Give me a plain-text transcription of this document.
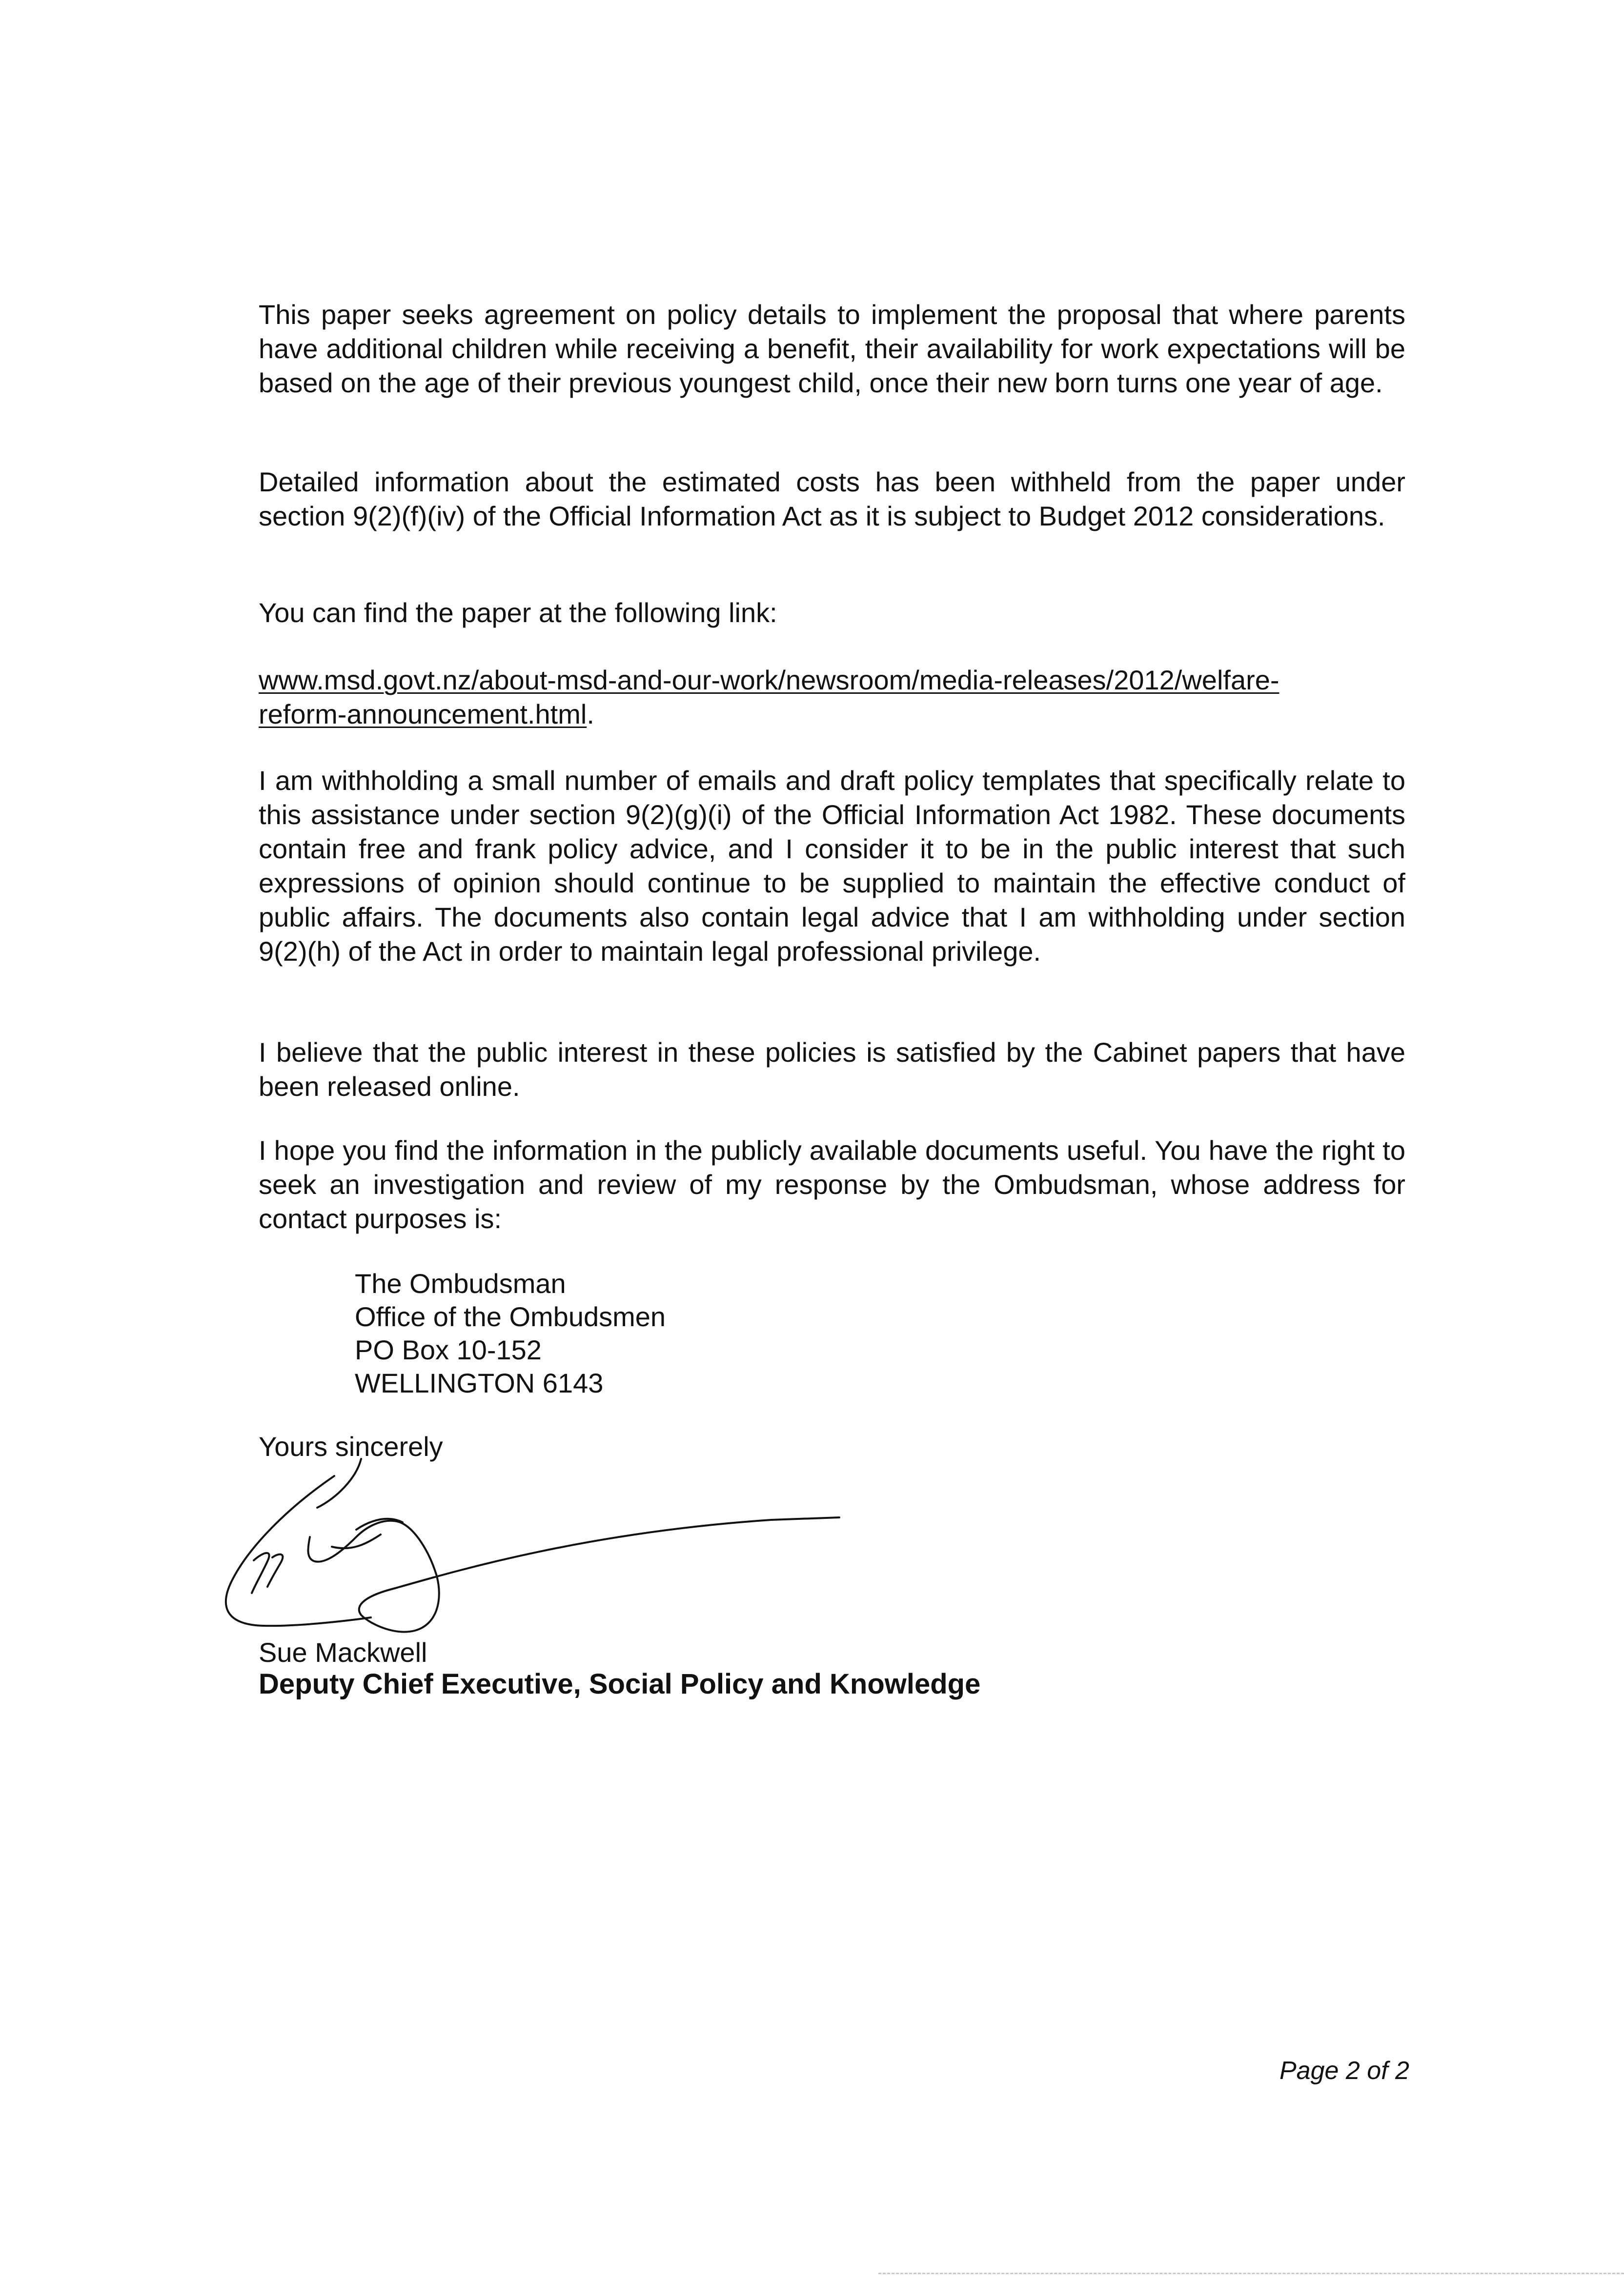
This paper seeks agreement on policy details to implement the proposal that where parents have additional children while receiving a benefit, their availability for work expectations will be based on the age of their previous youngest child, once their new born turns one year of age.

Detailed information about the estimated costs has been withheld from the paper under section 9(2)(f)(iv) of the Official Information Act as it is subject to Budget 2012 considerations.

You can find the paper at the following link:

www.msd.govt.nz/about-msd-and-our-work/newsroom/media-releases/2012/welfare-
reform-announcement.html.

I am withholding a small number of emails and draft policy templates that specifically relate to this assistance under section 9(2)(g)(i) of the Official Information Act 1982. These documents contain free and frank policy advice, and I consider it to be in the public interest that such expressions of opinion should continue to be supplied to maintain the effective conduct of public affairs. The documents also contain legal advice that I am withholding under section 9(2)(h) of the Act in order to maintain legal professional privilege.

I believe that the public interest in these policies is satisfied by the Cabinet papers that have been released online.

I hope you find the information in the publicly available documents useful. You have the right to seek an investigation and review of my response by the Ombudsman, whose address for contact purposes is:

The Ombudsman
Office of the Ombudsmen
PO Box 10-152
WELLINGTON 6143

Yours sincerely

Sue Mackwell

Deputy Chief Executive, Social Policy and Knowledge

Page 2 of 2
